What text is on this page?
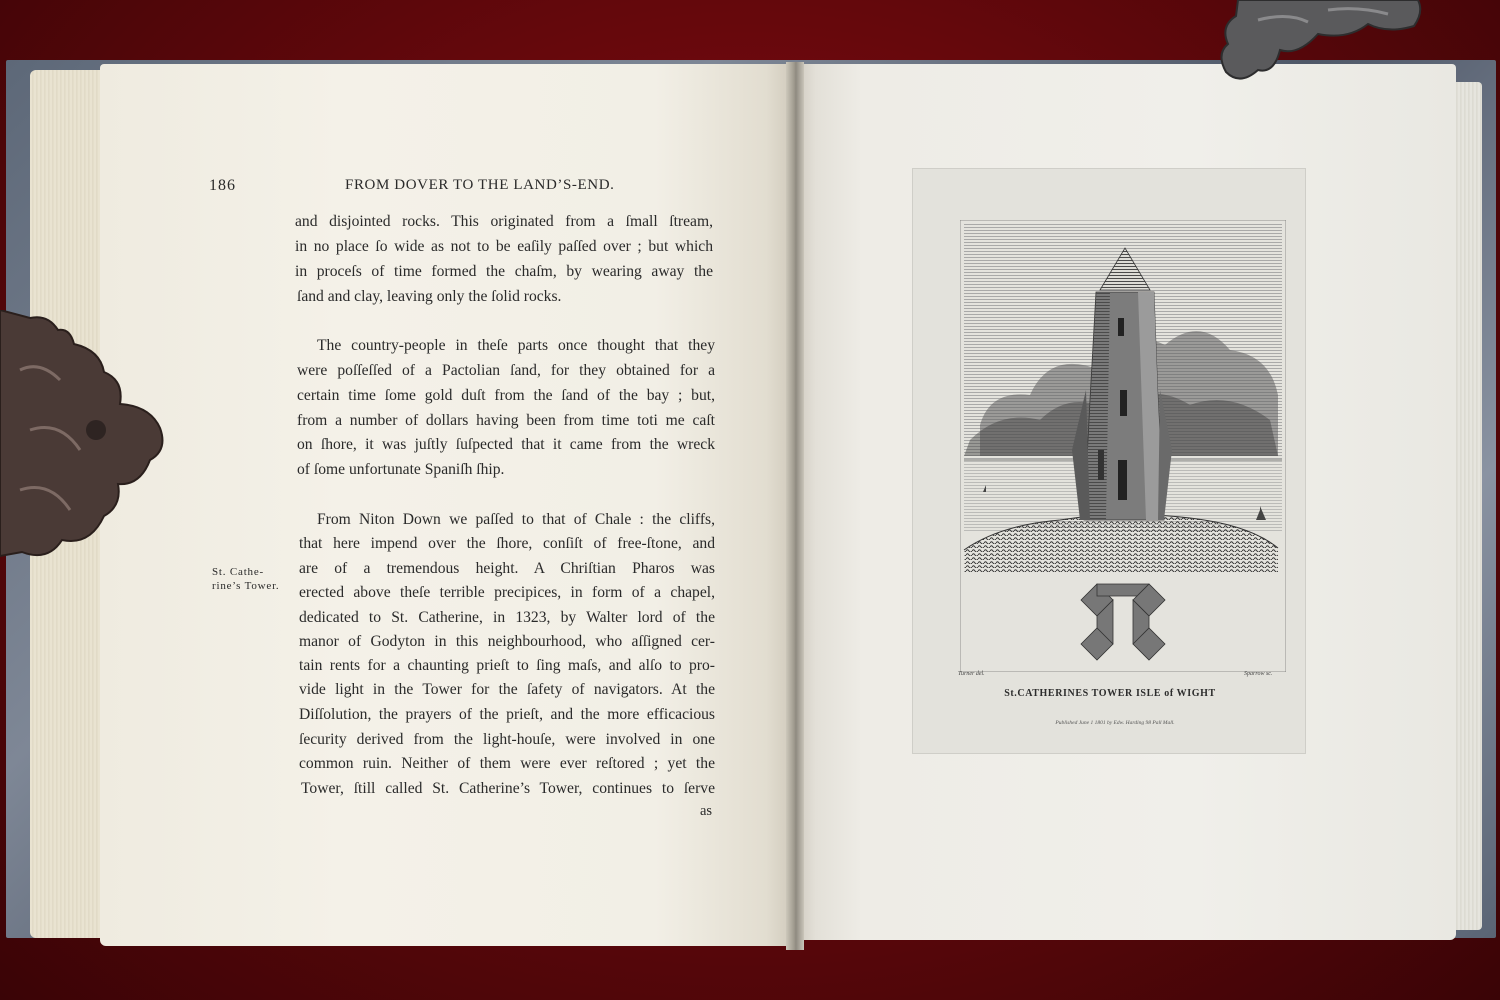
186	FROM DOVER TO THE LAND’S-END.
St. Cathe-
rine’s Tower.
and disjointed rocks. This originated from a ſmall ſtream,
in no place ſo wide as not to be eaſily paſſed over ; but which
in proceſs of time formed the chaſm, by wearing away the
ſand and clay, leaving only the ſolid rocks.
The country-people in theſe parts once thought that they
were poſſeſſed of a Pactolian ſand, for they obtained for a
certain time ſome gold duſt from the ſand of the bay ; but,
from a number of dollars having been from time toti me caſt
on ſhore, it was juſtly ſuſpected that it came from the wreck
of ſome unfortunate Spaniſh ſhip.
From Niton Down we paſſed to that of Chale : the cliffs,
that here impend over the ſhore, conſiſt of free-ſtone, and
are of a tremendous height. A Chriſtian Pharos was
erected above theſe terrible precipices, in form of a chapel,
dedicated to St. Catherine, in 1323, by Walter lord of the
manor of Godyton in this neighbourhood, who aſſigned cer-
tain rents for a chaunting prieſt to ſing maſs, and alſo to pro-
vide light in the Tower for the ſafety of navigators. At the
Diſſolution, the prayers of the prieſt, and the more efficacious
ſecurity derived from the light-houſe, were involved in one
common ruin. Neither of them were ever reſtored ; yet the
Tower, ſtill called St. Catherine’s Tower, continues to ſerve
as
Turner del.	Sparrow sc.
St.CATHERINES TOWER ISLE of WIGHT
Published June 1 1801 by Edw. Harding 98 Pall Mall.
